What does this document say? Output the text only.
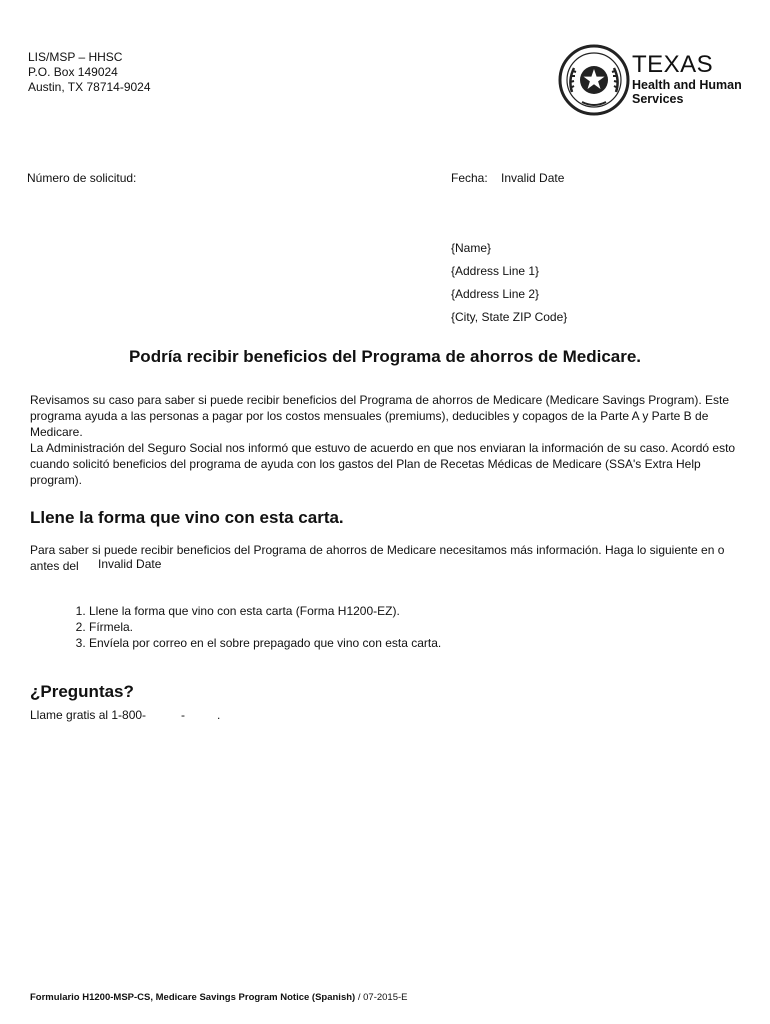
LIS/MSP – HHSC
P.O. Box 149024
Austin, TX 78714-9024
TEXAS
Health and Human
Services
Número de solicitud:	Fecha: Invalid Date
{Name}
{Address Line 1}
{Address Line 2}
{City, State ZIP Code}
Podría recibir beneficios del Programa de ahorros de Medicare.
Revisamos su caso para saber si puede recibir beneficios del Programa de ahorros de Medicare (Medicare Savings Program). Este programa ayuda a las personas a pagar por los costos mensuales (premiums), deducibles y copagos de la Parte A y Parte B de Medicare.
La Administración del Seguro Social nos informó que estuvo de acuerdo en que nos enviaran la información de su caso. Acordó esto cuando solicitó beneficios del programa de ayuda con los gastos del Plan de Recetas Médicas de Medicare (SSA's Extra Help program).
Llene la forma que vino con esta carta.
Para saber si puede recibir beneficios del Programa de ahorros de Medicare necesitamos más información. Haga lo siguiente en o antes del	Invalid Date
1. Llene la forma que vino con esta carta (Forma H1200-EZ).
2. Fírmela.
3. Envíela por correo en el sobre prepagado que vino con esta carta.
¿Preguntas?
Llame gratis al 1-800-	-	.
Formulario H1200-MSP-CS, Medicare Savings Program Notice (Spanish) / 07-2015-E
